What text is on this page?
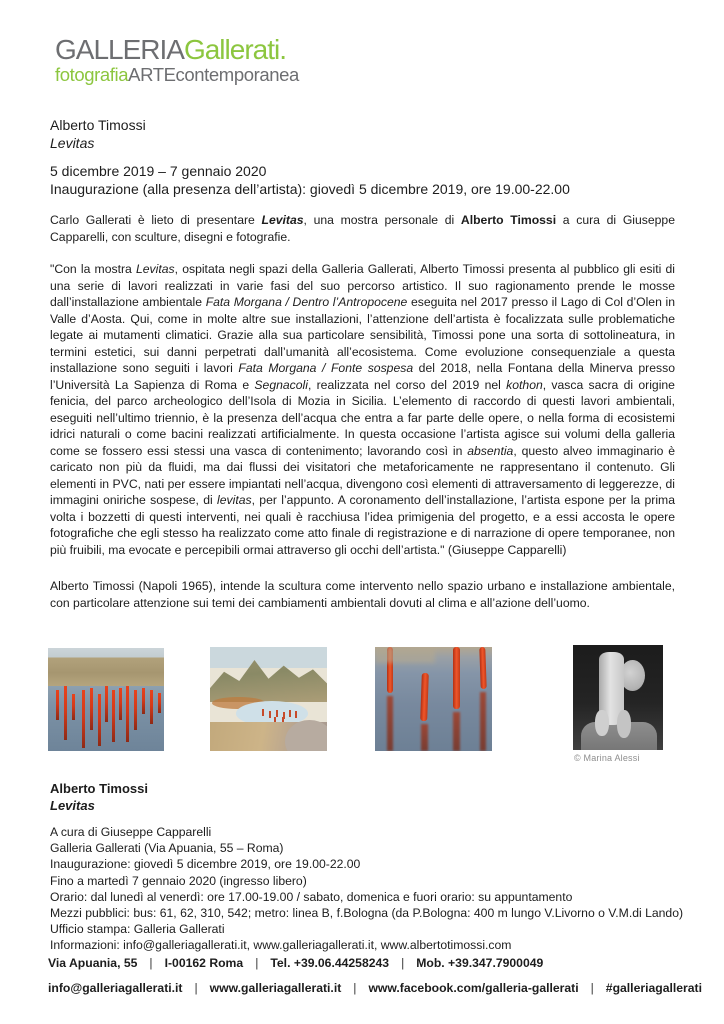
GALLERIAGallerati.
fotografiaARTEcontemporanea
Alberto Timossi
Levitas
5 dicembre 2019 – 7 gennaio 2020
Inaugurazione (alla presenza dell’artista): giovedì 5 dicembre 2019, ore 19.00-22.00

Carlo Gallerati è lieto di presentare Levitas, una mostra personale di Alberto Timossi a cura di Giuseppe Capparelli, con sculture, disegni e fotografie.

"Con la mostra Levitas, ospitata negli spazi della Galleria Gallerati, Alberto Timossi presenta al pubblico gli esiti di una serie di lavori realizzati in varie fasi del suo percorso artistico. Il suo ragionamento prende le mosse dall’installazione ambientale Fata Morgana / Dentro l’Antropocene eseguita nel 2017 presso il Lago di Col d’Olen in Valle d’Aosta. Qui, come in molte altre sue installazioni, l’attenzione dell’artista è focalizzata sulle problematiche legate ai mutamenti climatici. Grazie alla sua particolare sensibilità, Timossi pone una sorta di sottolineatura, in termini estetici, sui danni perpetrati dall’umanità all’ecosistema. Come evoluzione consequenziale a questa installazione sono seguiti i lavori Fata Morgana / Fonte sospesa del 2018, nella Fontana della Minerva presso l’Università La Sapienza di Roma e Segnacoli, realizzata nel corso del 2019 nel kothon, vasca sacra di origine fenicia, del parco archeologico dell’Isola di Mozia in Sicilia. L’elemento di raccordo di questi lavori ambientali, eseguiti nell’ultimo triennio, è la presenza dell’acqua che entra a far parte delle opere, o nella forma di ecosistemi idrici naturali o come bacini realizzati artificialmente. In questa occasione l’artista agisce sui volumi della galleria come se fossero essi stessi una vasca di contenimento; lavorando così in absentia, questo alveo immaginario è caricato non più da fluidi, ma dai flussi dei visitatori che metaforicamente ne rappresentano il contenuto. Gli elementi in PVC, nati per essere impiantati nell’acqua, divengono così elementi di attraversamento di leggerezze, di immagini oniriche sospese, di levitas, per l’appunto. A coronamento dell’installazione, l’artista espone per la prima volta i bozzetti di questi interventi, nei quali è racchiusa l’idea primigenia del progetto, e a essi accosta le opere fotografiche che egli stesso ha realizzato come atto finale di registrazione e di narrazione di opere temporanee, non più fruibili, ma evocate e percepibili ormai attraverso gli occhi dell’artista." (Giuseppe Capparelli)

Alberto Timossi (Napoli 1965), intende la scultura come intervento nello spazio urbano e installazione ambientale, con particolare attenzione sui temi dei cambiamenti ambientali dovuti al clima e all’azione dell’uomo.

© Marina Alessi
Alberto Timossi
Levitas
A cura di Giuseppe Capparelli
Galleria Gallerati (Via Apuania, 55 – Roma)
Inaugurazione: giovedì 5 dicembre 2019, ore 19.00-22.00
Fino a martedì 7 gennaio 2020 (ingresso libero)
Orario: dal lunedì al venerdì: ore 17.00-19.00 / sabato, domenica e fuori orario: su appuntamento
Mezzi pubblici: bus: 61, 62, 310, 542; metro: linea B, f.Bologna (da P.Bologna: 400 m lungo V.Livorno o V.M.di Lando)
Ufficio stampa: Galleria Gallerati
Informazioni: info@galleriagallerati.it, www.galleriagallerati.it, www.albertotimossi.com
Via Apuania, 55 | I-00162 Roma | Tel. +39.06.44258243 | Mob. +39.347.7900049
info@galleriagallerati.it | www.galleriagallerati.it | www.facebook.com/galleria-gallerati | #galleriagallerati
